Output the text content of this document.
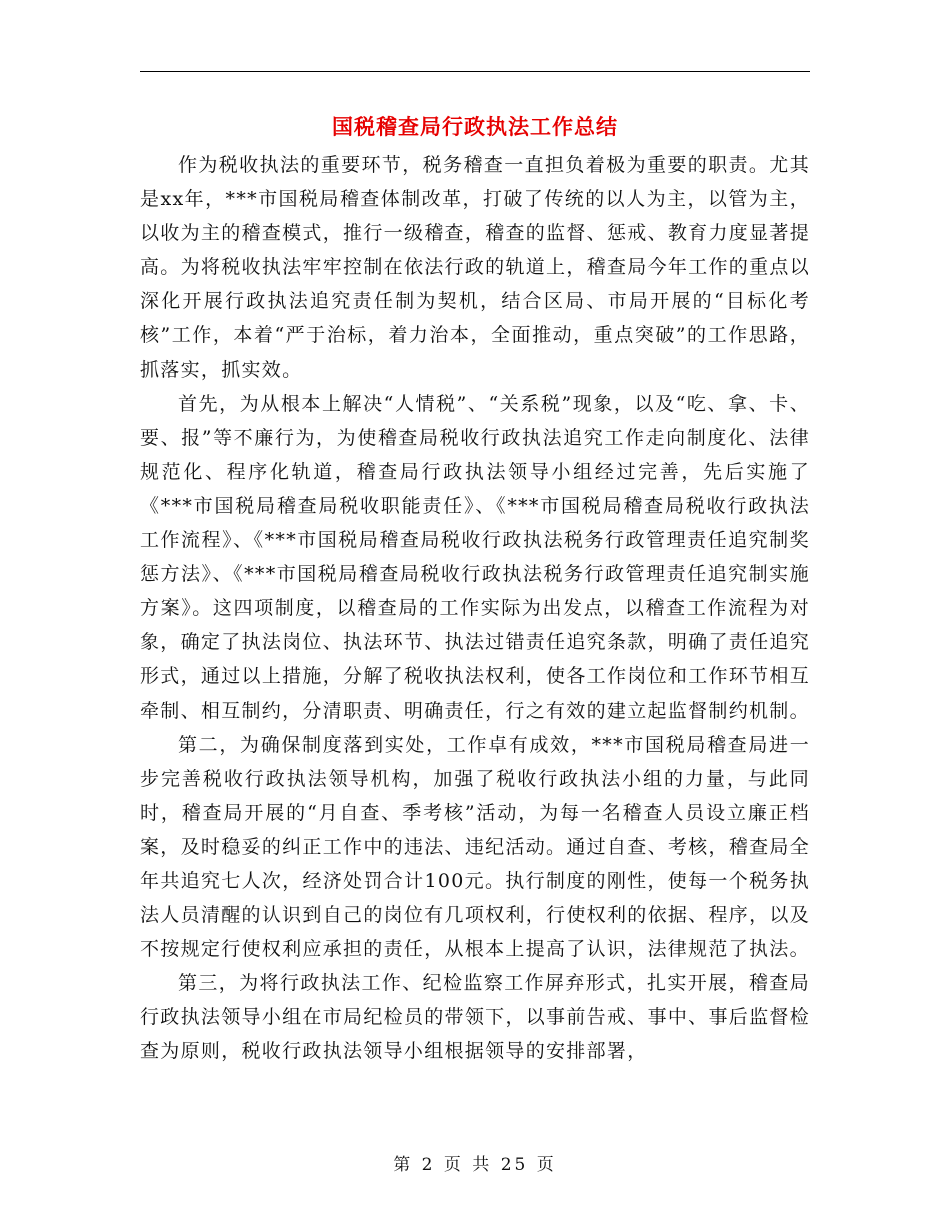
国税稽查局行政执法工作总结

作为税收执法的重要环节，税务稽查一直担负着极为重要的职责。尤其是xx年，***市国税局稽查体制改革，打破了传统的以人为主，以管为主，以收为主的稽查模式，推行一级稽查，稽查的监督、惩戒、教育力度显著提高。为将税收执法牢牢控制在依法行政的轨道上，稽查局今年工作的重点以深化开展行政执法追究责任制为契机，结合区局、市局开展的“目标化考核”工作，本着“严于治标，着力治本，全面推动，重点突破”的工作思路，抓落实，抓实效。

首先，为从根本上解决“人情税”、“关系税”现象，以及“吃、拿、卡、要、报”等不廉行为，为使稽查局税收行政执法追究工作走向制度化、法律规范化、程序化轨道，稽查局行政执法领导小组经过完善，先后实施了《***市国税局稽查局税收职能责任》、《***市国税局稽查局税收行政执法工作流程》、《***市国税局稽查局税收行政执法税务行政管理责任追究制奖惩方法》、《***市国税局稽查局税收行政执法税务行政管理责任追究制实施方案》。这四项制度，以稽查局的工作实际为出发点，以稽查工作流程为对象，确定了执法岗位、执法环节、执法过错责任追究条款，明确了责任追究形式，通过以上措施，分解了税收执法权利，使各工作岗位和工作环节相互牵制、相互制约，分清职责、明确责任，行之有效的建立起监督制约机制。

第二，为确保制度落到实处，工作卓有成效，***市国税局稽查局进一步完善税收行政执法领导机构，加强了税收行政执法小组的力量，与此同时，稽查局开展的“月自查、季考核”活动，为每一名稽查人员设立廉正档案，及时稳妥的纠正工作中的违法、违纪活动。通过自查、考核，稽查局全年共追究七人次，经济处罚合计100元。执行制度的刚性，使每一个税务执法人员清醒的认识到自己的岗位有几项权利，行使权利的依据、程序，以及不按规定行使权利应承担的责任，从根本上提高了认识，法律规范了执法。

第三，为将行政执法工作、纪检监察工作屏弃形式，扎实开展，稽查局行政执法领导小组在市局纪检员的带领下，以事前告戒、事中、事后监督检查为原则，税收行政执法领导小组根据领导的安排部署，

第 2 页 共 25 页
